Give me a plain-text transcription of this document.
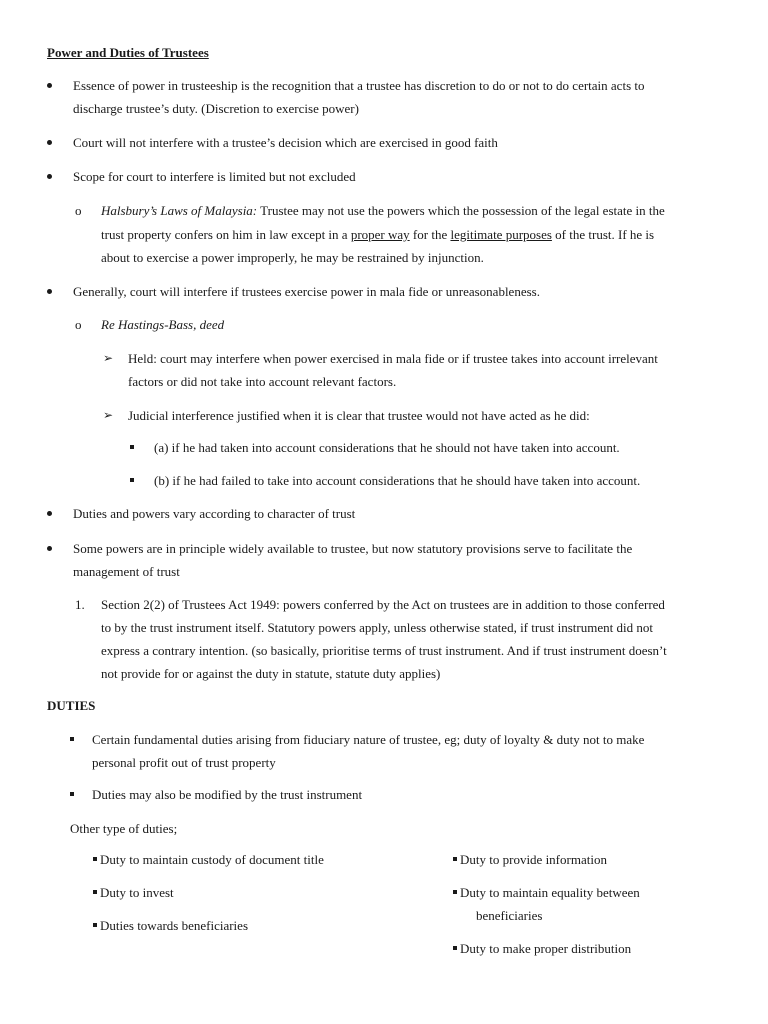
Power and Duties of Trustees
Essence of power in trusteeship is the recognition that a trustee has discretion to do or not to do certain acts to
discharge trustee’s duty. (Discretion to exercise power)
Court will not interfere with a trustee’s decision which are exercised in good faith
Scope for court to interfere is limited but not excluded
o Halsbury’s Laws of Malaysia: Trustee may not use the powers which the possession of the legal estate in the
trust property confers on him in law except in a proper way for the legitimate purposes of the trust. If he is
about to exercise a power improperly, he may be restrained by injunction.
Generally, court will interfere if trustees exercise power in mala fide or unreasonableness.
o Re Hastings-Bass, deed
➢ Held: court may interfere when power exercised in mala fide or if trustee takes into account irrelevant
factors or did not take into account relevant factors.
➢ Judicial interference justified when it is clear that trustee would not have acted as he did:
(a) if he had taken into account considerations that he should not have taken into account.
(b) if he had failed to take into account considerations that he should have taken into account.
Duties and powers vary according to character of trust
Some powers are in principle widely available to trustee, but now statutory provisions serve to facilitate the
management of trust
1. Section 2(2) of Trustees Act 1949: powers conferred by the Act on trustees are in addition to those conferred
to by the trust instrument itself. Statutory powers apply, unless otherwise stated, if trust instrument did not
express a contrary intention. (so basically, prioritise terms of trust instrument. And if trust instrument doesn’t
not provide for or against the duty in statute, statute duty applies)
DUTIES
Certain fundamental duties arising from fiduciary nature of trustee, eg; duty of loyalty & duty not to make
personal profit out of trust property
Duties may also be modified by the trust instrument
Other type of duties;
Duty to maintain custody of document title
Duty to invest
Duties towards beneficiaries
Duty to provide information
Duty to maintain equality between
beneficiaries
Duty to make proper distribution
